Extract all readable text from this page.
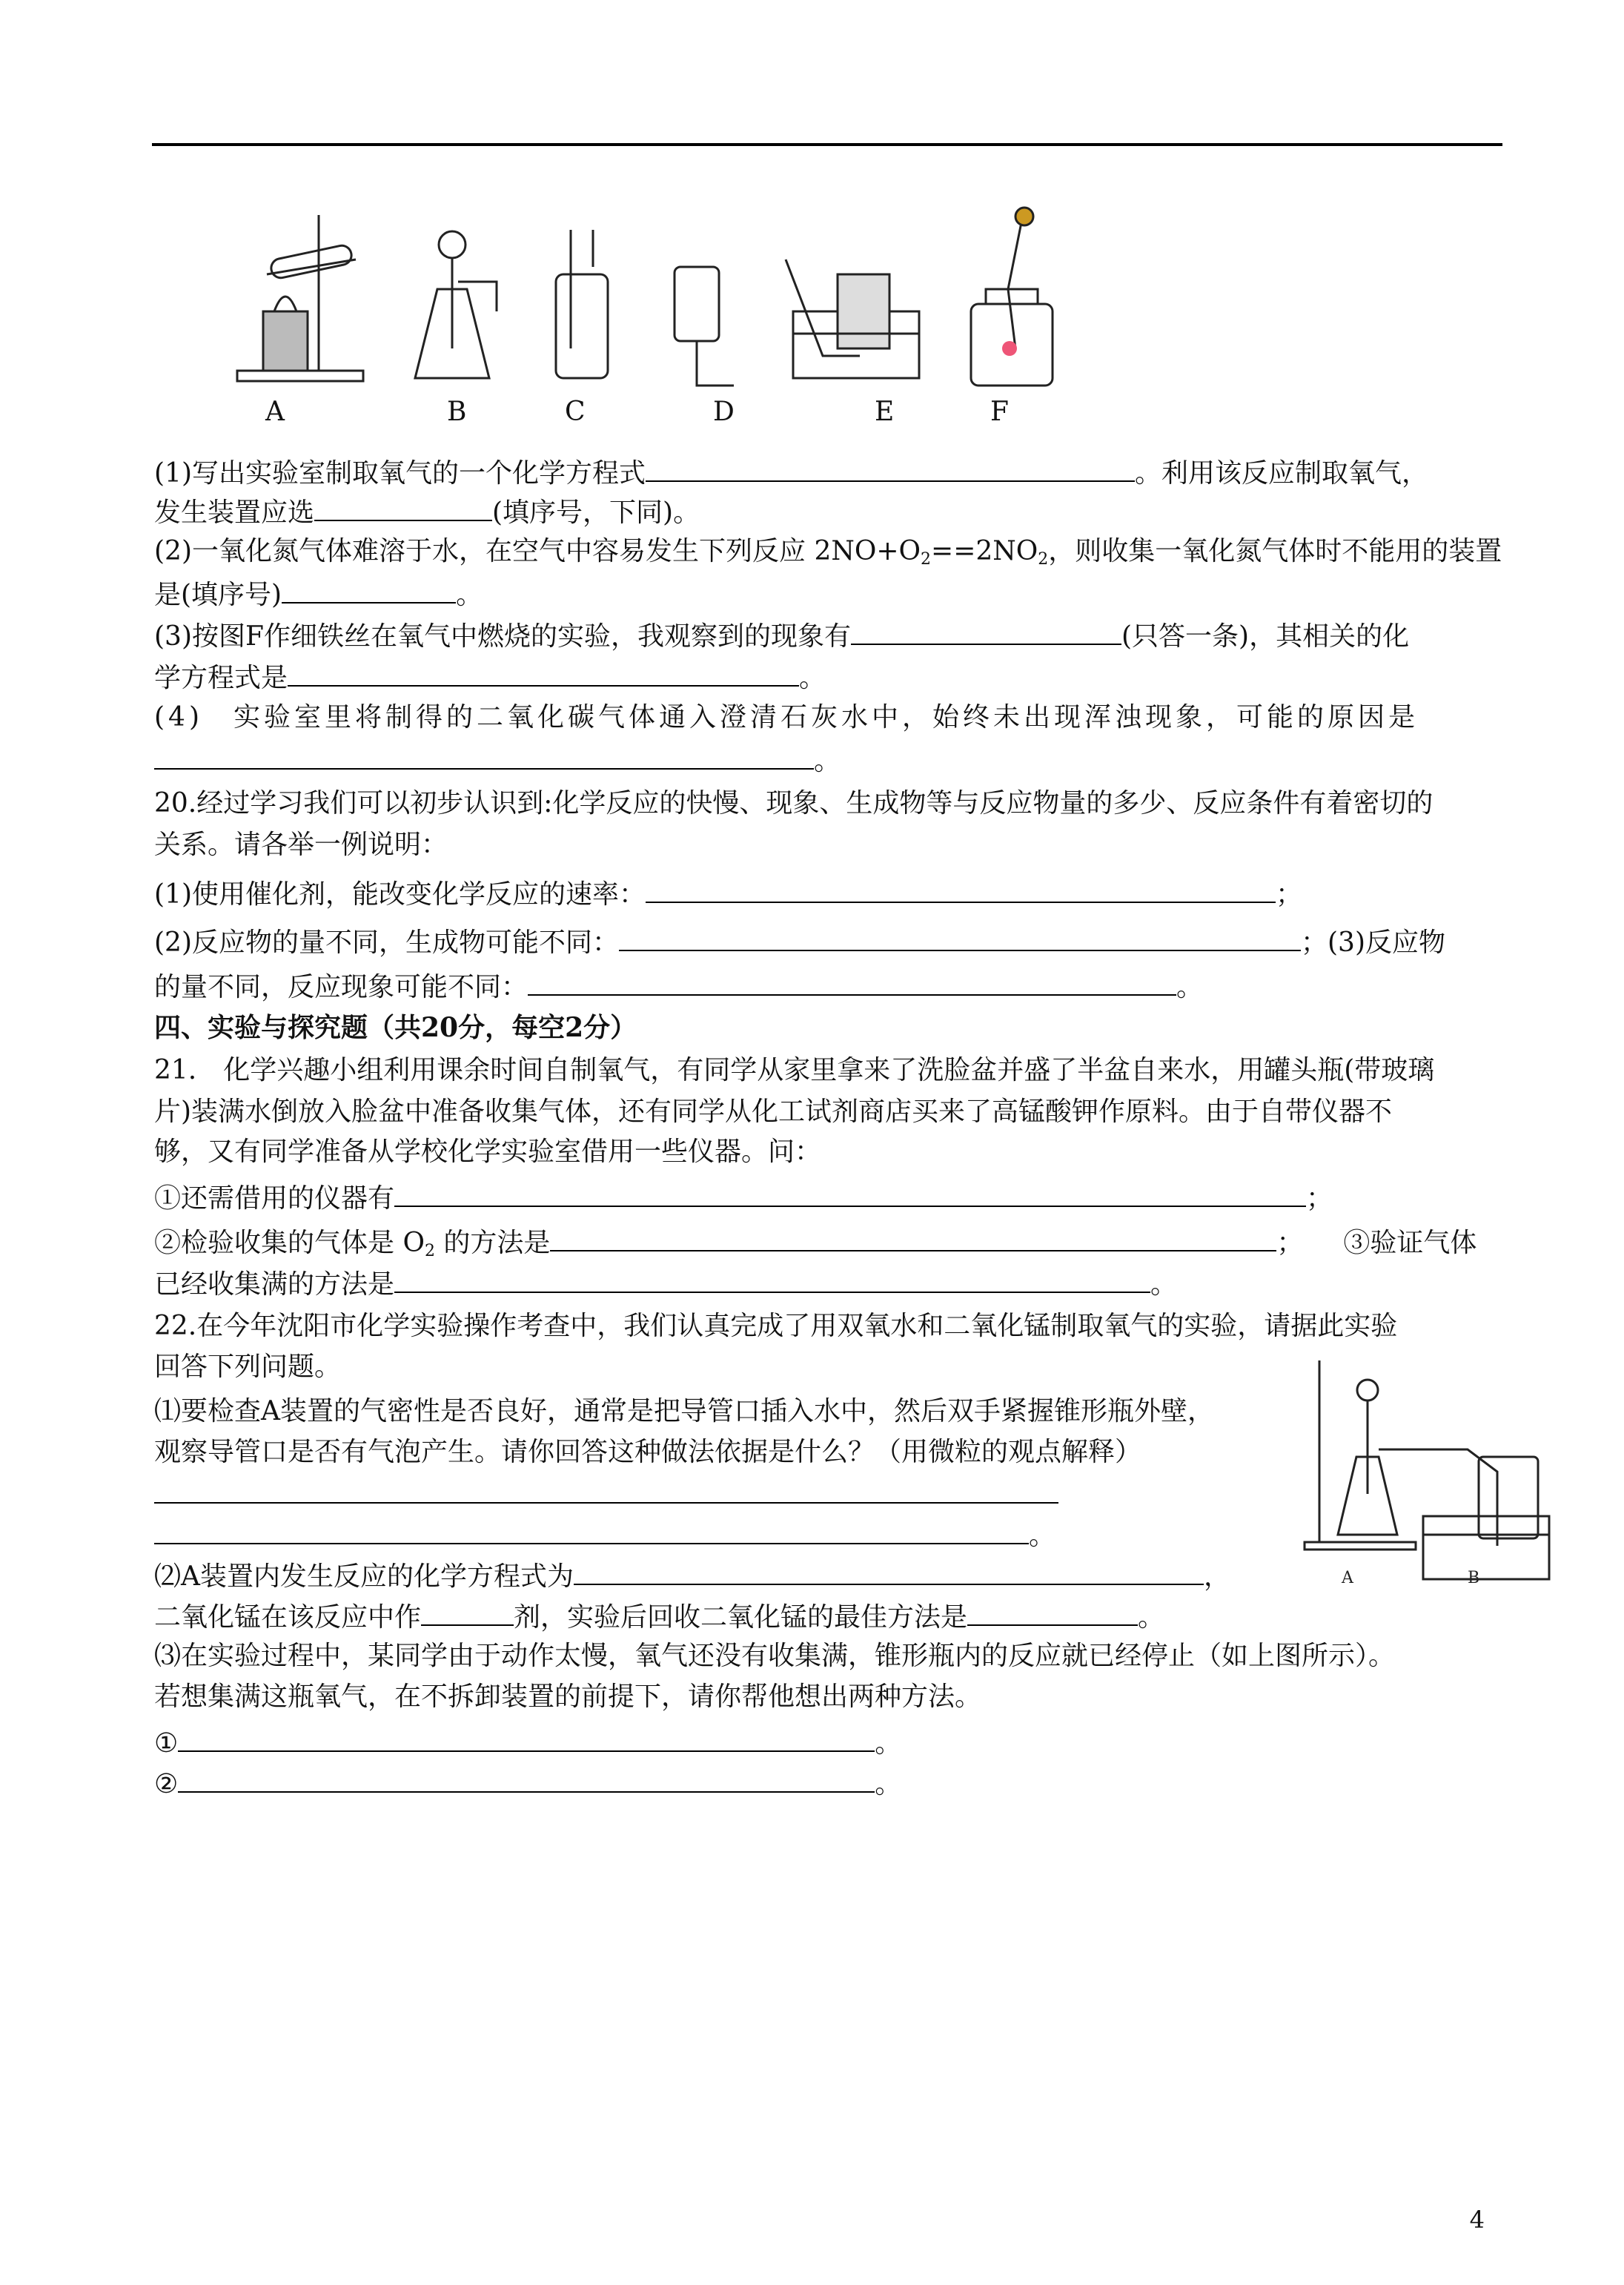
A	B	C	D	E	F
(1)写出实验室制取氧气的一个化学方程式	。利用该反应制取氧气，
发生装置应选	(填序号，下同)。
(2)一氧化氮气体难溶于水，在空气中容易发生下列反应 $2NO+O_2==2NO_2$，则收集一氧化氮气体时不能用的装置
是(填序号)	。
(3)按图F作细铁丝在氧气中燃烧的实验，我观察到的现象有	(只答一条)，其相关的化
学方程式是	。
(4)　实验室里将制得的二氧化碳气体通入澄清石灰水中，始终未出现浑浊现象，可能的原因是
。
20.经过学习我们可以初步认识到:化学反应的快慢、现象、生成物等与反应物量的多少、反应条件有着密切的
关系。请各举一例说明：
(1)使用催化剂，能改变化学反应的速率：	；
(2)反应物的量不同，生成物可能不同：	；(3)反应物
的量不同，反应现象可能不同：	。
四、实验与探究题（共20分，每空2分）
21.　化学兴趣小组利用课余时间自制氧气，有同学从家里拿来了洗脸盆并盛了半盆自来水，用罐头瓶(带玻璃
片)装满水倒放入脸盆中准备收集气体，还有同学从化工试剂商店买来了高锰酸钾作原料。由于自带仪器不
够，又有同学准备从学校化学实验室借用一些仪器。问：
①还需借用的仪器有	；
②检验收集的气体是 $O_2$ 的方法是	；　　③验证气体
已经收集满的方法是	。
22.在今年沈阳市化学实验操作考查中，我们认真完成了用双氧水和二氧化锰制取氧气的实验，请据此实验
回答下列问题。
⑴要检查A装置的气密性是否良好，通常是把导管口插入水中，然后双手紧握锥形瓶外壁，
观察导管口是否有气泡产生。请你回答这种做法依据是什么？（用微粒的观点解释）
。
⑵A装置内发生反应的化学方程式为	，
二氧化锰在该反应中作	剂，实验后回收二氧化锰的最佳方法是	。
⑶在实验过程中，某同学由于动作太慢，氧气还没有收集满，锥形瓶内的反应就已经停止（如上图所示）。
若想集满这瓶氧气，在不拆卸装置的前提下，请你帮他想出两种方法。
①	。
②	。
A	B
4
